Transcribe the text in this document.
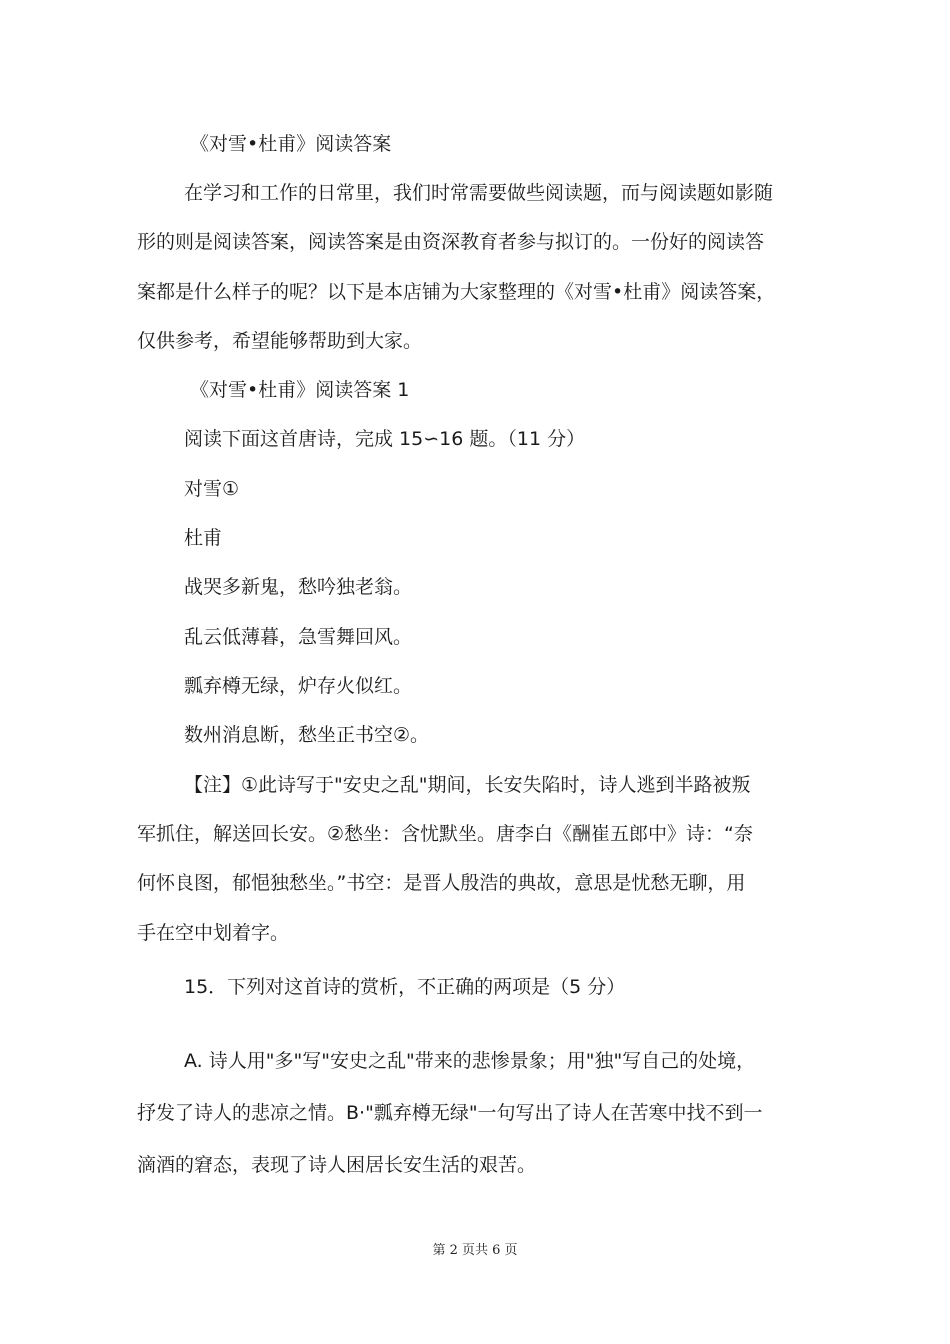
《对雪•杜甫》阅读答案

在学习和工作的日常里，我们时常需要做些阅读题，而与阅读题如影随

形的则是阅读答案，阅读答案是由资深教育者参与拟订的。一份好的阅读答

案都是什么样子的呢？以下是本店铺为大家整理的《对雪•杜甫》阅读答案，

仅供参考，希望能够帮助到大家。

《对雪•杜甫》阅读答案 1

阅读下面这首唐诗，完成 15∽16 题。（11 分）

对雪①

杜甫

战哭多新鬼，愁吟独老翁。

乱云低薄暮，急雪舞回风。

瓢弃樽无绿，炉存火似红。

数州消息断，愁坐正书空②。

【注】①此诗写于"安史之乱"期间，长安失陷时，诗人逃到半路被叛

军抓住，解送回长安。②愁坐：含忧默坐。唐李白《酬崔五郎中》诗：“奈

何怀良图，郁悒独愁坐。”书空：是晋人殷浩的典故，意思是忧愁无聊，用

手在空中划着字。

15．下列对这首诗的赏析，不正确的两项是（5 分）

A. 诗人用"多"写"安史之乱"带来的悲惨景象；用"独"写自己的处境，

抒发了诗人的悲凉之情。B·"瓢弃樽无绿"一句写出了诗人在苦寒中找不到一

滴酒的窘态，表现了诗人困居长安生活的艰苦。

第 2 页共 6 页
